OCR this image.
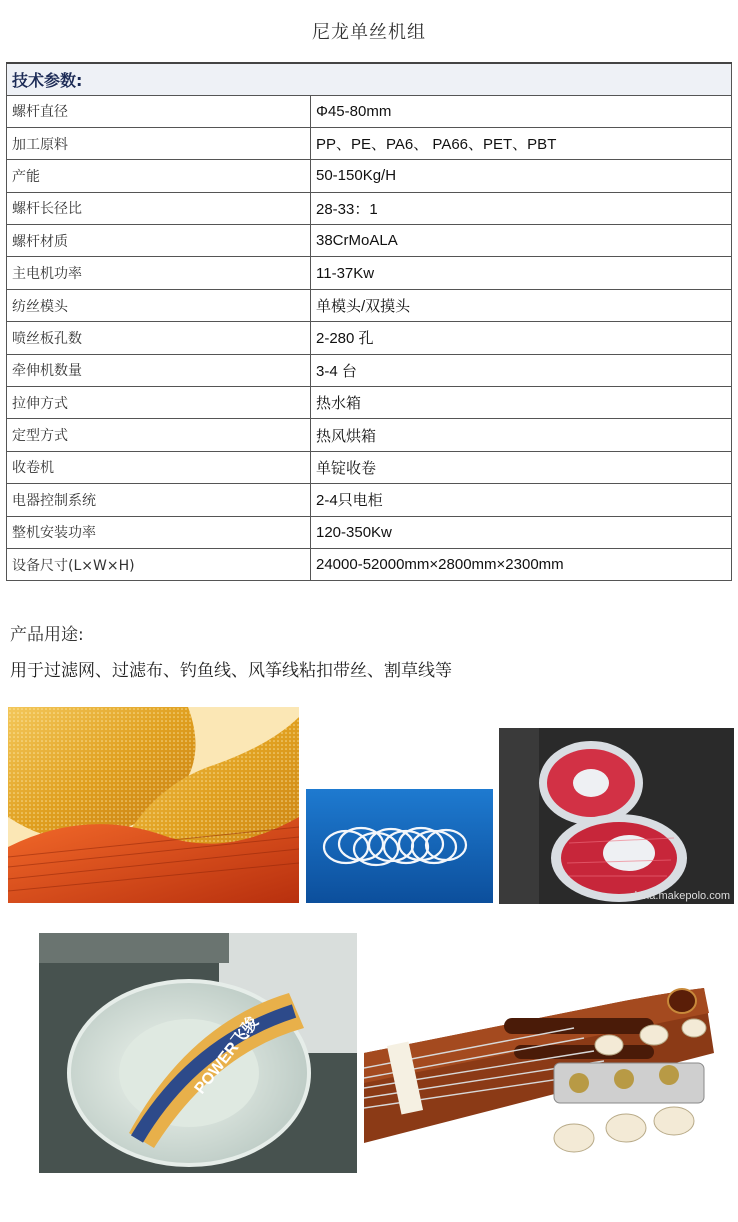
尼龙单丝机组
技术参数:	
螺杆直径	Φ45-80mm
加工原料	PP、PE、PA6、 PA66、PET、PBT
产能	50-150Kg/H
螺杆长径比	28-33：1
螺杆材质	38CrMoALA
主电机功率	11-37Kw
纺丝模头	单模头/双摸头
喷丝板孔数	2-280 孔
牵伸机数量	3-4 台
拉伸方式	热水箱
定型方式	热风烘箱
收卷机	单锭收卷
电器控制系统	2-4只电柜
整机安装功率	120-350Kw
设备尺寸(L×W×H)	24000-52000mm×2800mm×2300mm
产品用途:
用于过滤网、过滤布、钓鱼线、风筝线粘扣带丝、割草线等
china.makepolo.com
POWER飞骏
